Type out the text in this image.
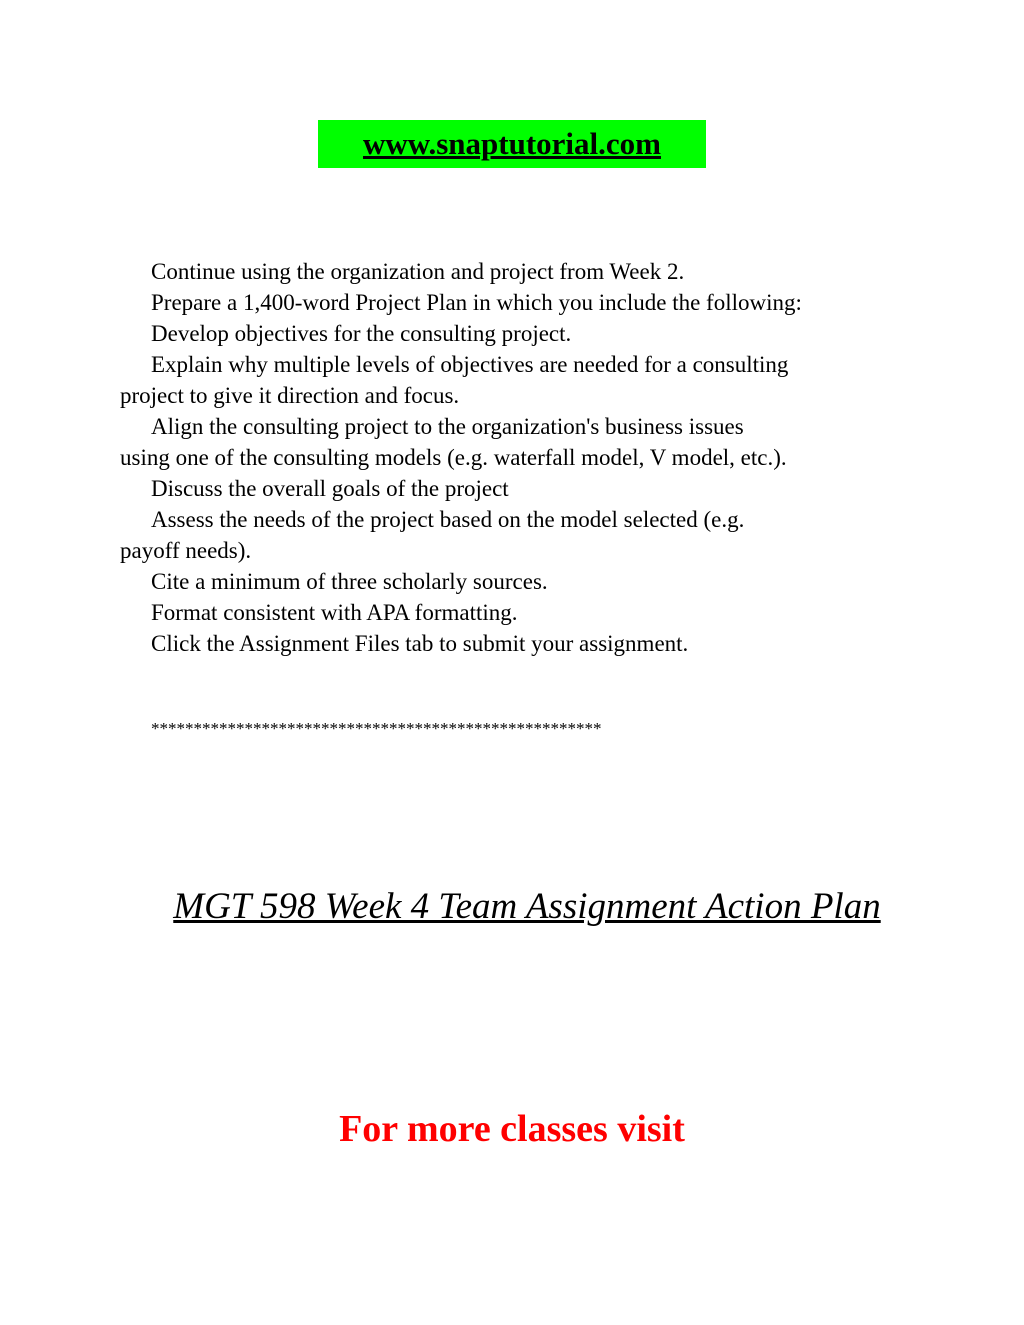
www.snaptutorial.com
Continue using the organization and project from Week 2.
Prepare a 1,400-word Project Plan in which you include the following:
Develop objectives for the consulting project.
Explain why multiple levels of objectives are needed for a consulting
project to give it direction and focus.
Align the consulting project to the organization's business issues
using one of the consulting models (e.g. waterfall model, V model, etc.).
Discuss the overall goals of the project
Assess the needs of the project based on the model selected (e.g.
payoff needs).
Cite a minimum of three scholarly sources.
Format consistent with APA formatting.
Click the Assignment Files tab to submit your assignment.
*****************************************************
MGT 598 Week 4 Team Assignment Action Plan
For more classes visit
